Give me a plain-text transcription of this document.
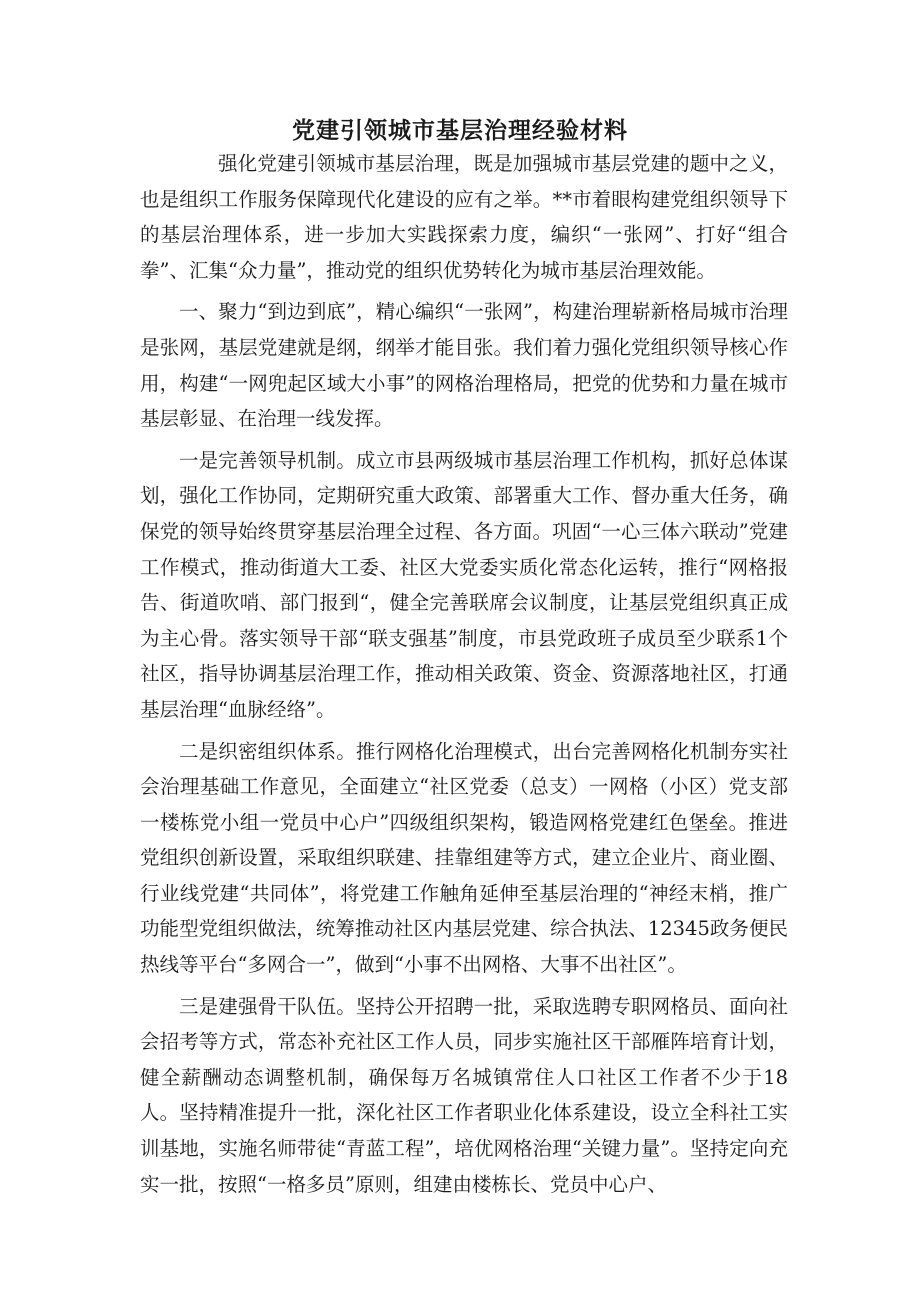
党建引领城市基层治理经验材料

强化党建引领城市基层治理，既是加强城市基层党建的题中之义，也是组织工作服务保障现代化建设的应有之举。**市着眼构建党组织领导下的基层治理体系，进一步加大实践探索力度，编织“一张网”、打好“组合拳”、汇集“众力量”，推动党的组织优势转化为城市基层治理效能。

一、聚力“到边到底”，精心编织“一张网”，构建治理崭新格局城市治理是张网，基层党建就是纲，纲举才能目张。我们着力强化党组织领导核心作用，构建“一网兜起区域大小事”的网格治理格局，把党的优势和力量在城市基层彰显、在治理一线发挥。

一是完善领导机制。成立市县两级城市基层治理工作机构，抓好总体谋划，强化工作协同，定期研究重大政策、部署重大工作、督办重大任务，确保党的领导始终贯穿基层治理全过程、各方面。巩固“一心三体六联动”党建工作模式，推动街道大工委、社区大党委实质化常态化运转，推行“网格报告、街道吹哨、部门报到“，健全完善联席会议制度，让基层党组织真正成为主心骨。落实领导干部“联支强基”制度，市县党政班子成员至少联系1个社区，指导协调基层治理工作，推动相关政策、资金、资源落地社区，打通基层治理“血脉经络”。

二是织密组织体系。推行网格化治理模式，出台完善网格化机制夯实社会治理基础工作意见，全面建立“社区党委（总支）一网格（小区）党支部一楼栋党小组一党员中心户”四级组织架构，锻造网格党建红色堡垒。推进党组织创新设置，采取组织联建、挂靠组建等方式，建立企业片、商业圈、行业线党建“共同体”，将党建工作触角延伸至基层治理的“神经末梢，推广功能型党组织做法，统筹推动社区内基层党建、综合执法、12345政务便民热线等平台“多网合一”，做到“小事不出网格、大事不出社区”。

三是建强骨干队伍。坚持公开招聘一批，采取选聘专职网格员、面向社会招考等方式，常态补充社区工作人员，同步实施社区干部雁阵培育计划，健全薪酬动态调整机制，确保每万名城镇常住人口社区工作者不少于18人。坚持精准提升一批，深化社区工作者职业化体系建设，设立全科社工实训基地，实施名师带徒“青蓝工程”，培优网格治理“关键力量”。坚持定向充实一批，按照“一格多员”原则，组建由楼栋长、党员中心户、
